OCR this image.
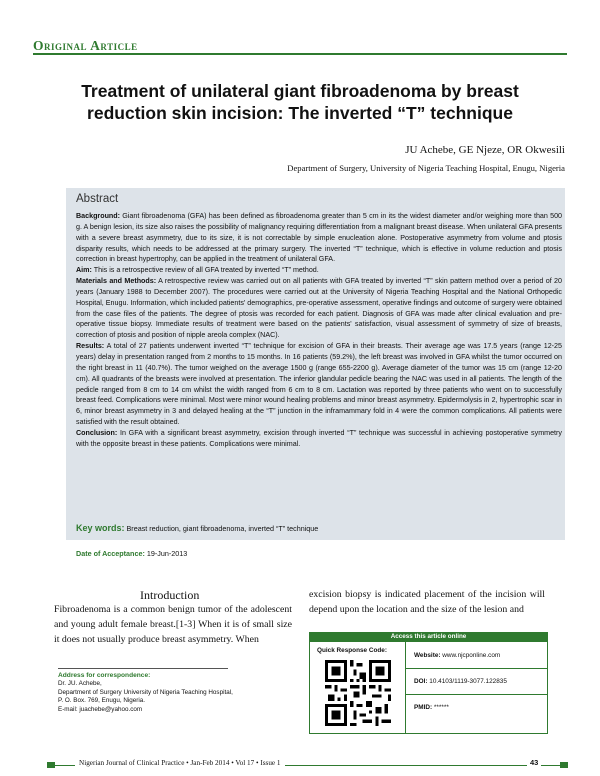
Original Article
Treatment of unilateral giant fibroadenoma by breast reduction skin incision: The inverted “T” technique
JU Achebe, GE Njeze, OR Okwesili
Department of Surgery, University of Nigeria Teaching Hospital, Enugu, Nigeria
Abstract

Background: Giant fibroadenoma (GFA) has been defined as fibroadenoma greater than 5 cm in its the widest diameter and/or weighing more than 500 g. A benign lesion, its size also raises the possibility of malignancy requiring differentiation from a malignant breast disease. When unilateral GFA presents with a severe breast asymmetry, due to its size, it is not correctable by simple enucleation alone. Postoperative asymmetry from volume and ptosis disparity results, which needs to be addressed at the primary surgery. The inverted “T” technique, which is effective in volume reduction and ptosis correction in breast hypertrophy, can be applied in the treatment of unilateral GFA.

Aim: This is a retrospective review of all GFA treated by inverted “T” method.

Materials and Methods: A retrospective review was carried out on all patients with GFA treated by inverted “T” skin pattern method over a period of 20 years (January 1988 to December 2007). The procedures were carried out at the University of Nigeria Teaching Hospital and the National Orthopedic Hospital, Enugu. Information, which included patients' demographics, pre-operative assessment, operative findings and outcome of surgery were obtained from the case files of the patients. The degree of ptosis was recorded for each patient. Diagnosis of GFA was made after clinical evaluation and pre-operative tissue biopsy. Immediate results of treatment were based on the patients' satisfaction, visual assessment of symmetry of size of breasts, correction of ptosis and position of nipple areola complex (NAC).

Results: A total of 27 patients underwent inverted “T” technique for excision of GFA in their breasts. Their average age was 17.5 years (range 12-25 years) delay in presentation ranged from 2 months to 15 months. In 16 patients (59.2%), the left breast was involved in GFA whilst the tumor occurred on the right breast in 11 (40.7%). The tumor weighed on the average 1500 g (range 655-2200 g). Average diameter of the tumor was 15 cm (range 12-20 cm). All quadrants of the breasts were involved at presentation. The inferior glandular pedicle bearing the NAC was used in all patients. The length of the pedicle ranged from 8 cm to 14 cm whilst the width ranged from 6 cm to 8 cm. Lactation was reported by three patients who went on to successfully breast feed. Complications were minimal. Most were minor wound healing problems and minor breast asymmetry. Epidermolysis in 2, hypertrophic scar in 6, minor breast asymmetry in 3 and delayed healing at the “T” junction in the inframammary fold in 4 were the common complications. All patients were satisfied with the result obtained.

Conclusion: In GFA with a significant breast asymmetry, excision through inverted “T” technique was successful in achieving postoperative symmetry with the opposite breast in these patients. Complications were minimal.

Key words: Breast reduction, giant fibroadenoma, inverted “T” technique
Date of Acceptance: 19-Jun-2013
Introduction
Fibroadenoma is a common benign tumor of the adolescent and young adult female breast.[1-3] When it is of small size it does not usually produce breast asymmetry. When
excision biopsy is indicated placement of the incision will depend upon the location and the size of the lesion and
Access this article online
Quick Response Code:
Website: www.njcponline.com
DOI: 10.4103/1119-3077.122835
PMID: ******
Address for correspondence:
Dr. JU. Achebe,
Department of Surgery University of Nigeria Teaching Hospital,
P. O. Box. 769, Enugu, Nigeria.
E-mail: juachebe@yahoo.com
Nigerian Journal of Clinical Practice • Jan-Feb 2014 • Vol 17 • Issue 1	43
